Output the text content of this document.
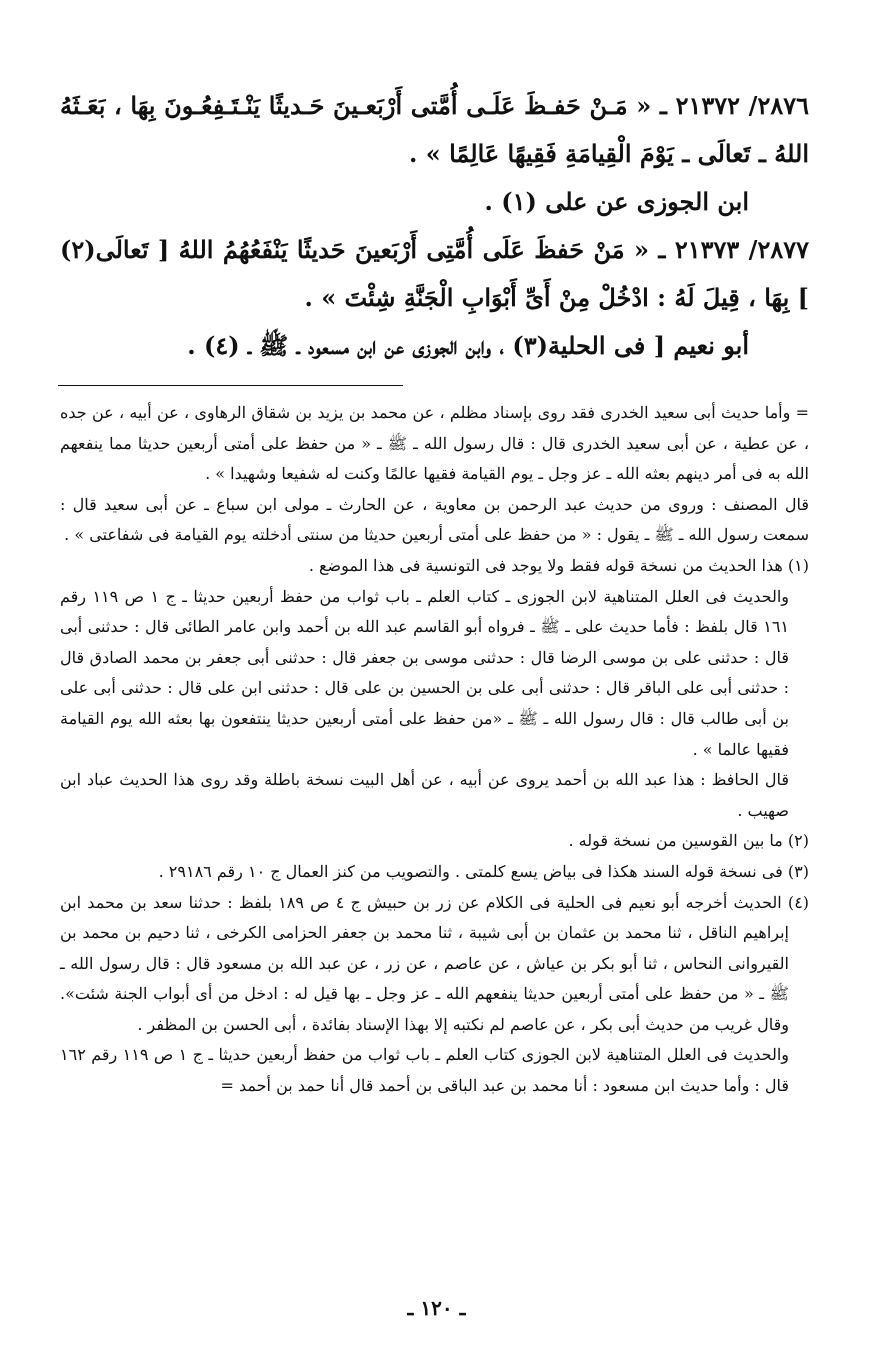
٢٨٧٦/ ٢١٣٧٢ ـ « مَـنْ حَفـظَ عَلَـى أُمَّتى أَرْبَعـينَ حَـديثًا يَنْـتَـفِعُـونَ بِهَا ، بَعَـثَهُ اللهُ ـ تَعالَى ـ يَوْمَ الْقِيامَةِ فَقِيهًا عَالِمًا » .

ابن الجوزى عن على (١) .

٢٨٧٧/ ٢١٣٧٣ ـ « مَنْ حَفظَ عَلَى أُمَّتِى أَرْبَعينَ حَديثًا يَنْفَعُهُمُ اللهُ [ تَعالَى(٢) ] بِهَا ، قِيلَ لَهُ : ادْخُلْ مِنْ أَىِّ أَبْوَابِ الْجَنَّةِ شِئْتَ » .

أبو نعيم [ فى الحلية(٣) ، وابن الجوزى عن ابن مسعود ـ ﷺ ـ (٤) .

= وأما حديث أبى سعيد الخدرى فقد روى بإسناد مظلم ، عن محمد بن يزيد بن شقاق الرهاوى ، عن أبيه ، عن جده ، عن عطية ، عن أبى سعيد الخدرى قال : قال رسول الله ـ ﷺ ـ « من حفظ على أمتى أربعين حديثا مما ينفعهم الله به فى أمر دينهم بعثه الله ـ عز وجل ـ يوم القيامة فقيها عالمًا وكنت له شفيعا وشهيدا » .

قال المصنف : وروى من حديث عبد الرحمن بن معاوية ، عن الحارث ـ مولى ابن سباع ـ عن أبى سعيد قال : سمعت رسول الله ـ ﷺ ـ يقول : « من حفظ على أمتى أربعين حديثا من سنتى أدخلته يوم القيامة فى شفاعتى » .

(١) هذا الحديث من نسخة قوله فقط ولا يوجد فى التونسية فى هذا الموضع .

والحديث فى العلل المتناهية لابن الجوزى ـ كتاب العلم ـ باب ثواب من حفظ أربعين حديثا ـ ج ١ ص ١١٩ رقم ١٦١ قال بلفظ : فأما حديث على ـ ﷺ ـ فرواه أبو القاسم عبد الله بن أحمد وابن عامر الطائى قال : حدثنى أبى قال : حدثنى على بن موسى الرضا قال : حدثنى موسى بن جعفر قال : حدثنى أبى جعفر بن محمد الصادق قال : حدثنى أبى على الباقر قال : حدثنى أبى على بن الحسين بن على قال : حدثنى ابن على قال : حدثنى أبى على بن أبى طالب قال : قال رسول الله ـ ﷺ ـ «من حفظ على أمتى أربعين حديثا ينتفعون بها بعثه الله يوم القيامة فقيها عالما » .

قال الحافظ : هذا عبد الله بن أحمد يروى عن أبيه ، عن أهل البيت نسخة باطلة وقد روى هذا الحديث عباد ابن صهيب .

(٢) ما بين القوسين من نسخة قوله .

(٣) فى نسخة قوله السند هكذا فى بياض يسع كلمتى . والتصويب من كنز العمال ج ١٠ رقم ٢٩١٨٦ .

(٤) الحديث أخرجه أبو نعيم فى الحلية فى الكلام عن زر بن حبيش ج ٤ ص ١٨٩ بلفظ : حدثنا سعد بن محمد ابن إبراهيم الناقل ، ثنا محمد بن عثمان بن أبى شيبة ، ثنا محمد بن جعفر الحزامى الكرخى ، ثنا دحيم بن محمد بن القيروانى النحاس ، ثنا أبو بكر بن عياش ، عن عاصم ، عن زر ، عن عبد الله بن مسعود قال : قال رسول الله ـ ﷺ ـ « من حفظ على أمتى أربعين حديثا ينفعهم الله ـ عز وجل ـ بها قيل له : ادخل من أى أبواب الجنة شئت». وقال غريب من حديث أبى بكر ، عن عاصم لم نكتبه إلا بهذا الإسناد بفائدة ، أبى الحسن بن المظفر .

والحديث فى العلل المتناهية لابن الجوزى كتاب العلم ـ باب ثواب من حفظ أربعين حديثا ـ ج ١ ص ١١٩ رقم ١٦٢ قال : وأما حديث ابن مسعود : أنا محمد بن عبد الباقى بن أحمد قال أنا حمد بن أحمد =

ـ ١٢٠ ـ
